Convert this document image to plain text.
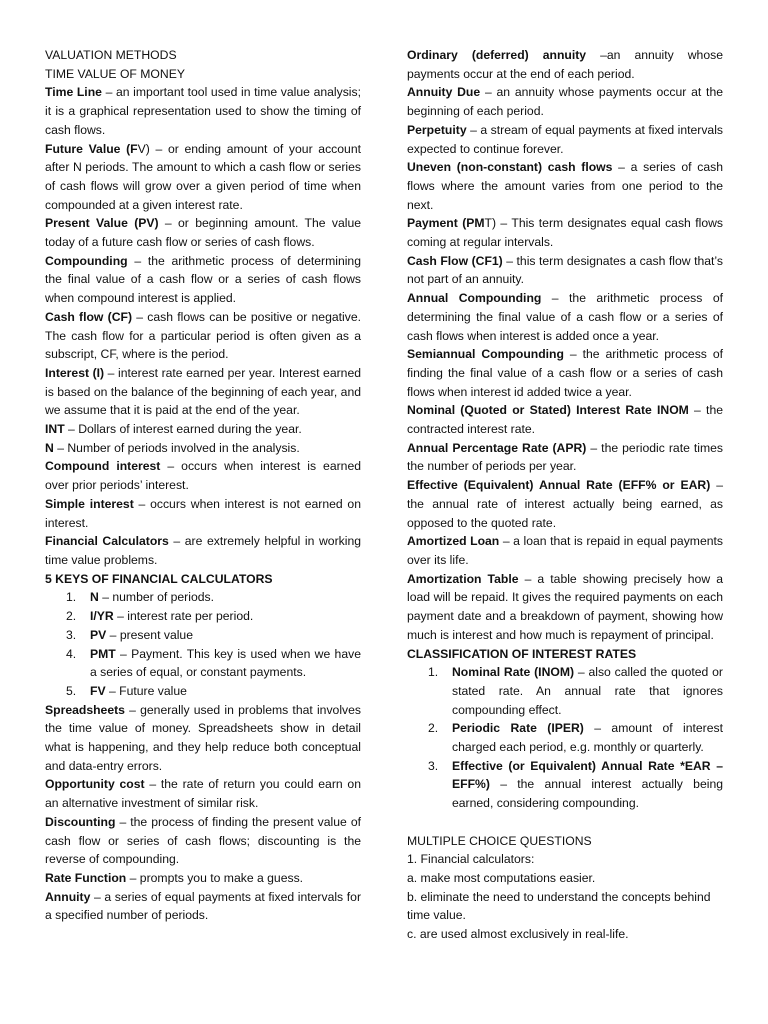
VALUATION METHODS

TIME VALUE OF MONEY

Time Line – an important tool used in time value analysis; it is a graphical representation used to show the timing of cash flows.

Future Value (FV) – or ending amount of your account after N periods. The amount to which a cash flow or series of cash flows will grow over a given period of time when compounded at a given interest rate.

Present Value (PV) – or beginning amount. The value today of a future cash flow or series of cash flows.

Compounding – the arithmetic process of determining the final value of a cash flow or a series of cash flows when compound interest is applied.

Cash flow (CF) – cash flows can be positive or negative. The cash flow for a particular period is often given as a subscript, CF, where is the period.

Interest (I) – interest rate earned per year. Interest earned is based on the balance of the beginning of each year, and we assume that it is paid at the end of the year.

INT – Dollars of interest earned during the year.

N – Number of periods involved in the analysis.

Compound interest – occurs when interest is earned over prior periods’ interest.

Simple interest – occurs when interest is not earned on interest.

Financial Calculators – are extremely helpful in working time value problems.

5 KEYS OF FINANCIAL CALCULATORS

1. N – number of periods.
2. I/YR – interest rate per period.
3. PV – present value
4. PMT – Payment. This key is used when we have a series of equal, or constant payments.
5. FV – Future value

Spreadsheets – generally used in problems that involves the time value of money. Spreadsheets show in detail what is happening, and they help reduce both conceptual and data-entry errors.

Opportunity cost – the rate of return you could earn on an alternative investment of similar risk.

Discounting – the process of finding the present value of cash flow or series of cash flows; discounting is the reverse of compounding.

Rate Function – prompts you to make a guess.

Annuity – a series of equal payments at fixed intervals for a specified number of periods.

Ordinary (deferred) annuity –an annuity whose payments occur at the end of each period.

Annuity Due – an annuity whose payments occur at the beginning of each period.

Perpetuity – a stream of equal payments at fixed intervals expected to continue forever.

Uneven (non-constant) cash flows – a series of cash flows where the amount varies from one period to the next.

Payment (PMT) – This term designates equal cash flows coming at regular intervals.

Cash Flow (CF1) – this term designates a cash flow that’s not part of an annuity.

Annual Compounding – the arithmetic process of determining the final value of a cash flow or a series of cash flows when interest is added once a year.

Semiannual Compounding – the arithmetic process of finding the final value of a cash flow or a series of cash flows when interest id added twice a year.

Nominal (Quoted or Stated) Interest Rate INOM – the contracted interest rate.

Annual Percentage Rate (APR) – the periodic rate times the number of periods per year.

Effective (Equivalent) Annual Rate (EFF% or EAR) – the annual rate of interest actually being earned, as opposed to the quoted rate.

Amortized Loan – a loan that is repaid in equal payments over its life.

Amortization Table – a table showing precisely how a load will be repaid. It gives the required payments on each payment date and a breakdown of payment, showing how much is interest and how much is repayment of principal.

CLASSIFICATION OF INTEREST RATES

1. Nominal Rate (INOM) – also called the quoted or stated rate. An annual rate that ignores compounding effect.
2. Periodic Rate (IPER) – amount of interest charged each period, e.g. monthly or quarterly.
3. Effective (or Equivalent) Annual Rate *EAR – EFF%) – the annual interest actually being earned, considering compounding.

MULTIPLE CHOICE QUESTIONS

1. Financial calculators:

a. make most computations easier.

b. eliminate the need to understand the concepts behind time value.

c. are used almost exclusively in real-life.
